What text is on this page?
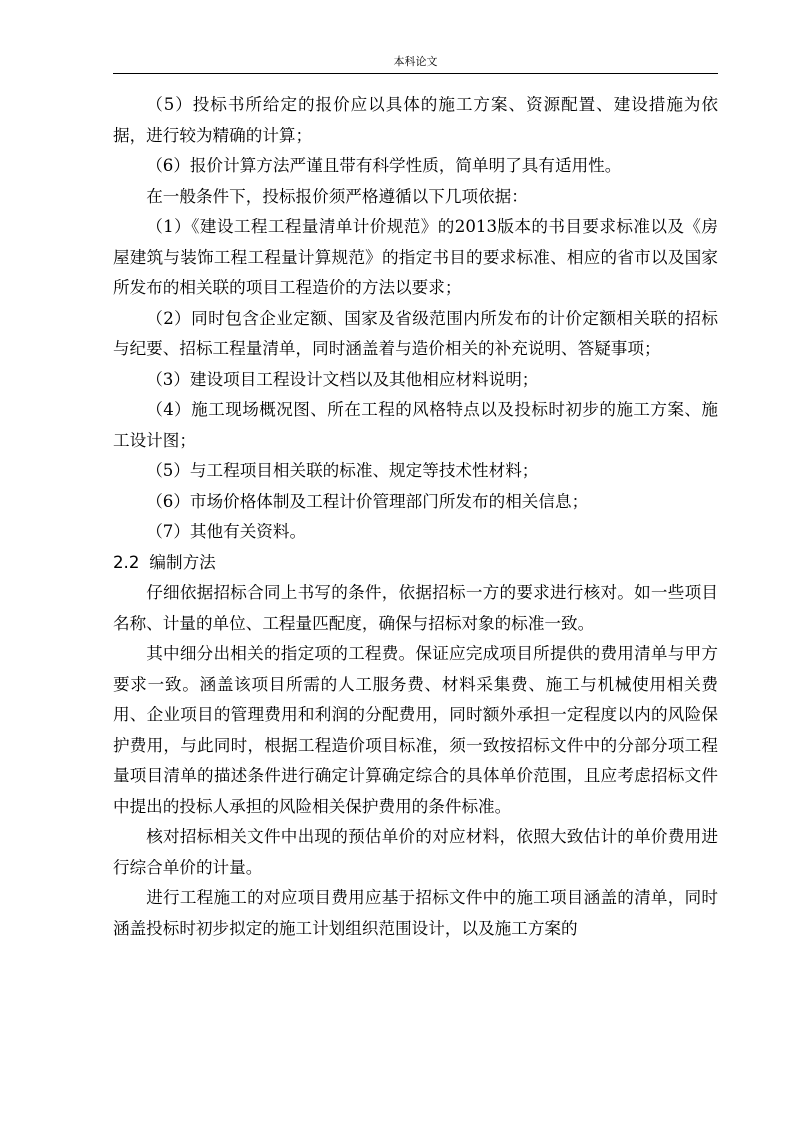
本科论文

（5）投标书所给定的报价应以具体的施工方案、资源配置、建设措施为依据，进行较为精确的计算；

（6）报价计算方法严谨且带有科学性质，简单明了具有适用性。

在一般条件下，投标报价须严格遵循以下几项依据：

（1）《建设工程工程量清单计价规范》的2013版本的书目要求标准以及《房屋建筑与装饰工程工程量计算规范》的指定书目的要求标准、相应的省市以及国家所发布的相关联的项目工程造价的方法以要求；

（2）同时包含企业定额、国家及省级范围内所发布的计价定额相关联的招标与纪要、招标工程量清单，同时涵盖着与造价相关的补充说明、答疑事项；

（3）建设项目工程设计文档以及其他相应材料说明；

（4）施工现场概况图、所在工程的风格特点以及投标时初步的施工方案、施工设计图；

（5）与工程项目相关联的标准、规定等技术性材料；

（6）市场价格体制及工程计价管理部门所发布的相关信息；

（7）其他有关资料。

2.2 编制方法

仔细依据招标合同上书写的条件，依据招标一方的要求进行核对。如一些项目名称、计量的单位、工程量匹配度，确保与招标对象的标准一致。

其中细分出相关的指定项的工程费。保证应完成项目所提供的费用清单与甲方要求一致。涵盖该项目所需的人工服务费、材料采集费、施工与机械使用相关费用、企业项目的管理费用和利润的分配费用，同时额外承担一定程度以内的风险保护费用，与此同时，根据工程造价项目标准，须一致按招标文件中的分部分项工程量项目清单的描述条件进行确定计算确定综合的具体单价范围，且应考虑招标文件中提出的投标人承担的风险相关保护费用的条件标准。

核对招标相关文件中出现的预估单价的对应材料，依照大致估计的单价费用进行综合单价的计量。

进行工程施工的对应项目费用应基于招标文件中的施工项目涵盖的清单，同时涵盖投标时初步拟定的施工计划组织范围设计，以及施工方案的
